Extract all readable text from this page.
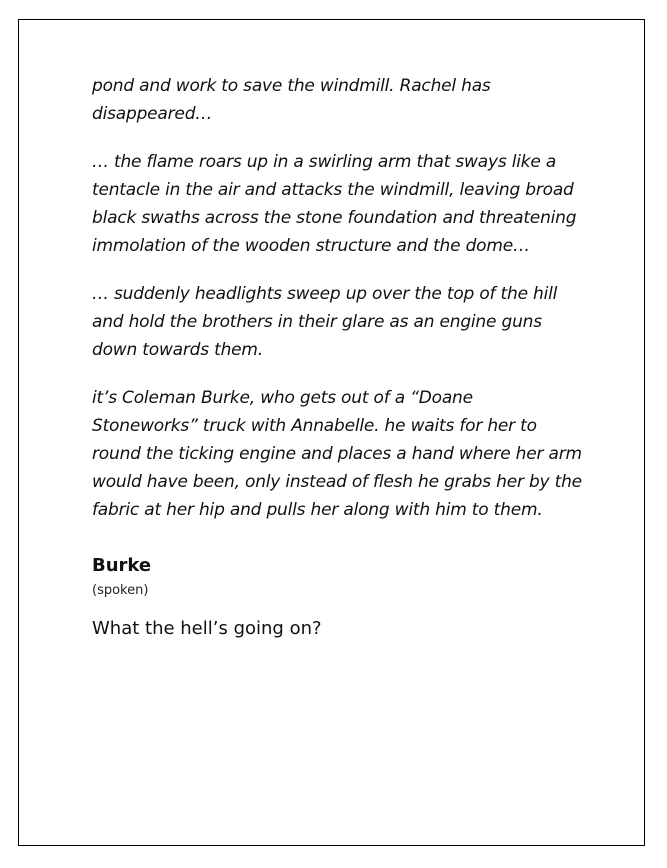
pond and work to save the windmill. Rachel has disappeared…

… the flame roars up in a swirling arm that sways like a tentacle in the air and attacks the windmill, leaving broad black swaths across the stone foundation and threatening immolation of the wooden structure and the dome…

… suddenly headlights sweep up over the top of the hill and hold the brothers in their glare as an engine guns down towards them.

it’s Coleman Burke, who gets out of a “Doane Stoneworks” truck with Annabelle. he waits for her to round the ticking engine and places a hand where her arm would have been, only instead of flesh he grabs her by the fabric at her hip and pulls her along with him to them.

Burke
(spoken)

What the hell’s going on?
